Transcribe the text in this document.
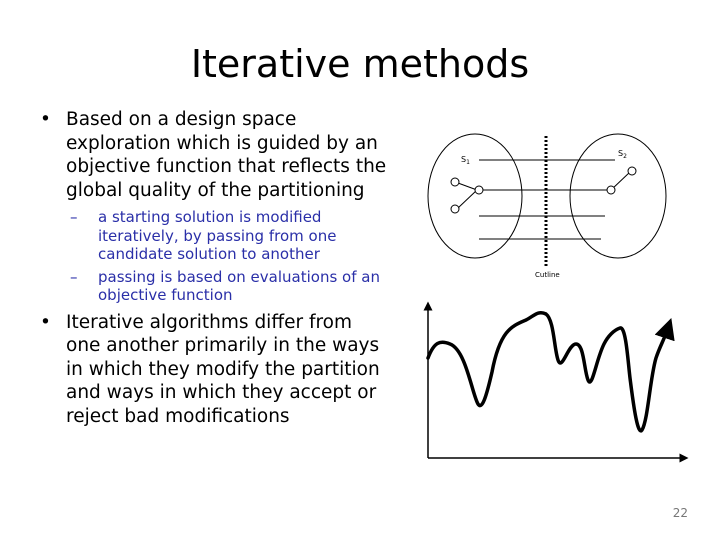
Iterative methods
• Based on a design space exploration which is guided by an objective function that reflects the global quality of the partitioning
– a starting solution is modified iteratively, by passing from one candidate solution to another
– passing is based on evaluations of an objective function
• Iterative algorithms differ from one another primarily in the ways in which they modify the partition and ways in which they accept or reject bad modifications
$S_1$
$S_2$
Cutline
22
